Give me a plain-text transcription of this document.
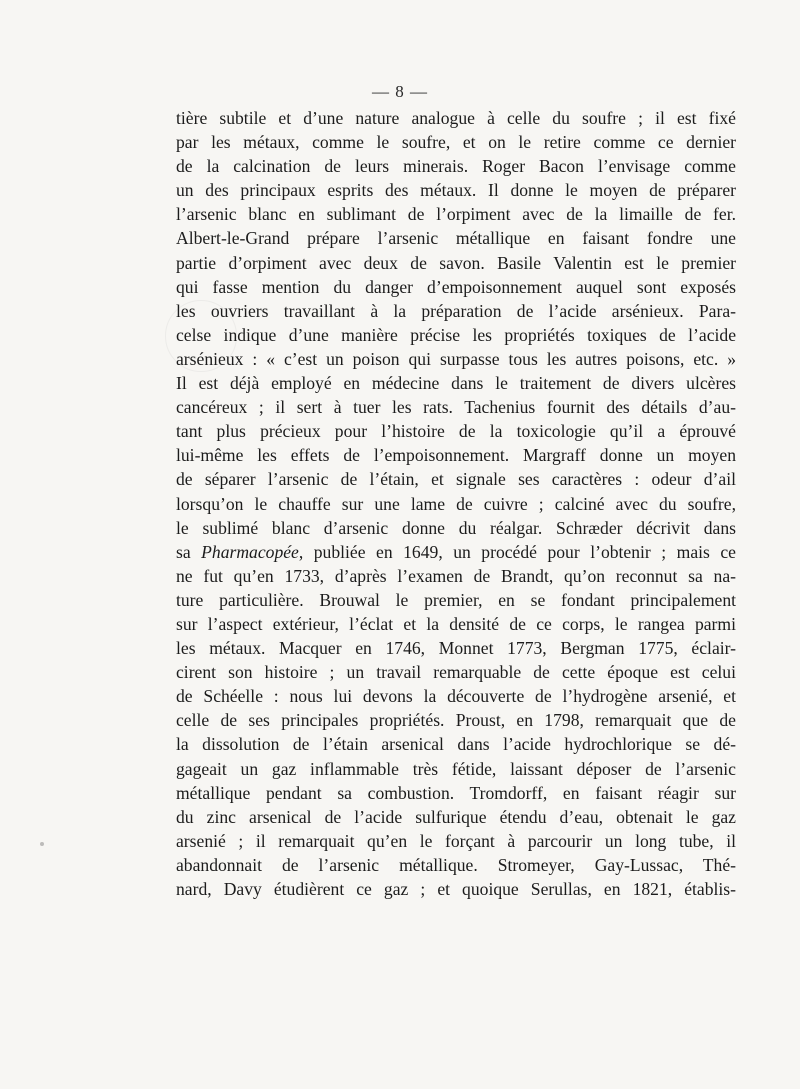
— 8 —
tière subtile et d’une nature analogue à celle du soufre ; il est fixé
par les métaux, comme le soufre, et on le retire comme ce dernier
de la calcination de leurs minerais. Roger Bacon l’envisage comme
un des principaux esprits des métaux. Il donne le moyen de préparer
l’arsenic blanc en sublimant de l’orpiment avec de la limaille de fer.
Albert-le-Grand prépare l’arsenic métallique en faisant fondre une
partie d’orpiment avec deux de savon. Basile Valentin est le premier
qui fasse mention du danger d’empoisonnement auquel sont exposés
les ouvriers travaillant à la préparation de l’acide arsénieux. Para-
celse indique d’une manière précise les propriétés toxiques de l’acide
arsénieux : « c’est un poison qui surpasse tous les autres poisons, etc. »
Il est déjà employé en médecine dans le traitement de divers ulcères
cancéreux ; il sert à tuer les rats. Tachenius fournit des détails d’au-
tant plus précieux pour l’histoire de la toxicologie qu’il a éprouvé
lui-même les effets de l’empoisonnement. Margraff donne un moyen
de séparer l’arsenic de l’étain, et signale ses caractères : odeur d’ail
lorsqu’on le chauffe sur une lame de cuivre ; calciné avec du soufre,
le sublimé blanc d’arsenic donne du réalgar. Schræder décrivit dans
sa Pharmacopée, publiée en 1649, un procédé pour l’obtenir ; mais ce
ne fut qu’en 1733, d’après l’examen de Brandt, qu’on reconnut sa na-
ture particulière. Brouwal le premier, en se fondant principalement
sur l’aspect extérieur, l’éclat et la densité de ce corps, le rangea parmi
les métaux. Macquer en 1746, Monnet 1773, Bergman 1775, éclair-
cirent son histoire ; un travail remarquable de cette époque est celui
de Schéelle : nous lui devons la découverte de l’hydrogène arsenié, et
celle de ses principales propriétés. Proust, en 1798, remarquait que de
la dissolution de l’étain arsenical dans l’acide hydrochlorique se dé-
gageait un gaz inflammable très fétide, laissant déposer de l’arsenic
métallique pendant sa combustion. Tromdorff, en faisant réagir sur
du zinc arsenical de l’acide sulfurique étendu d’eau, obtenait le gaz
arsenié ; il remarquait qu’en le forçant à parcourir un long tube, il
abandonnait de l’arsenic métallique. Stromeyer, Gay-Lussac, Thé-
nard, Davy étudièrent ce gaz ; et quoique Serullas, en 1821, établis-
